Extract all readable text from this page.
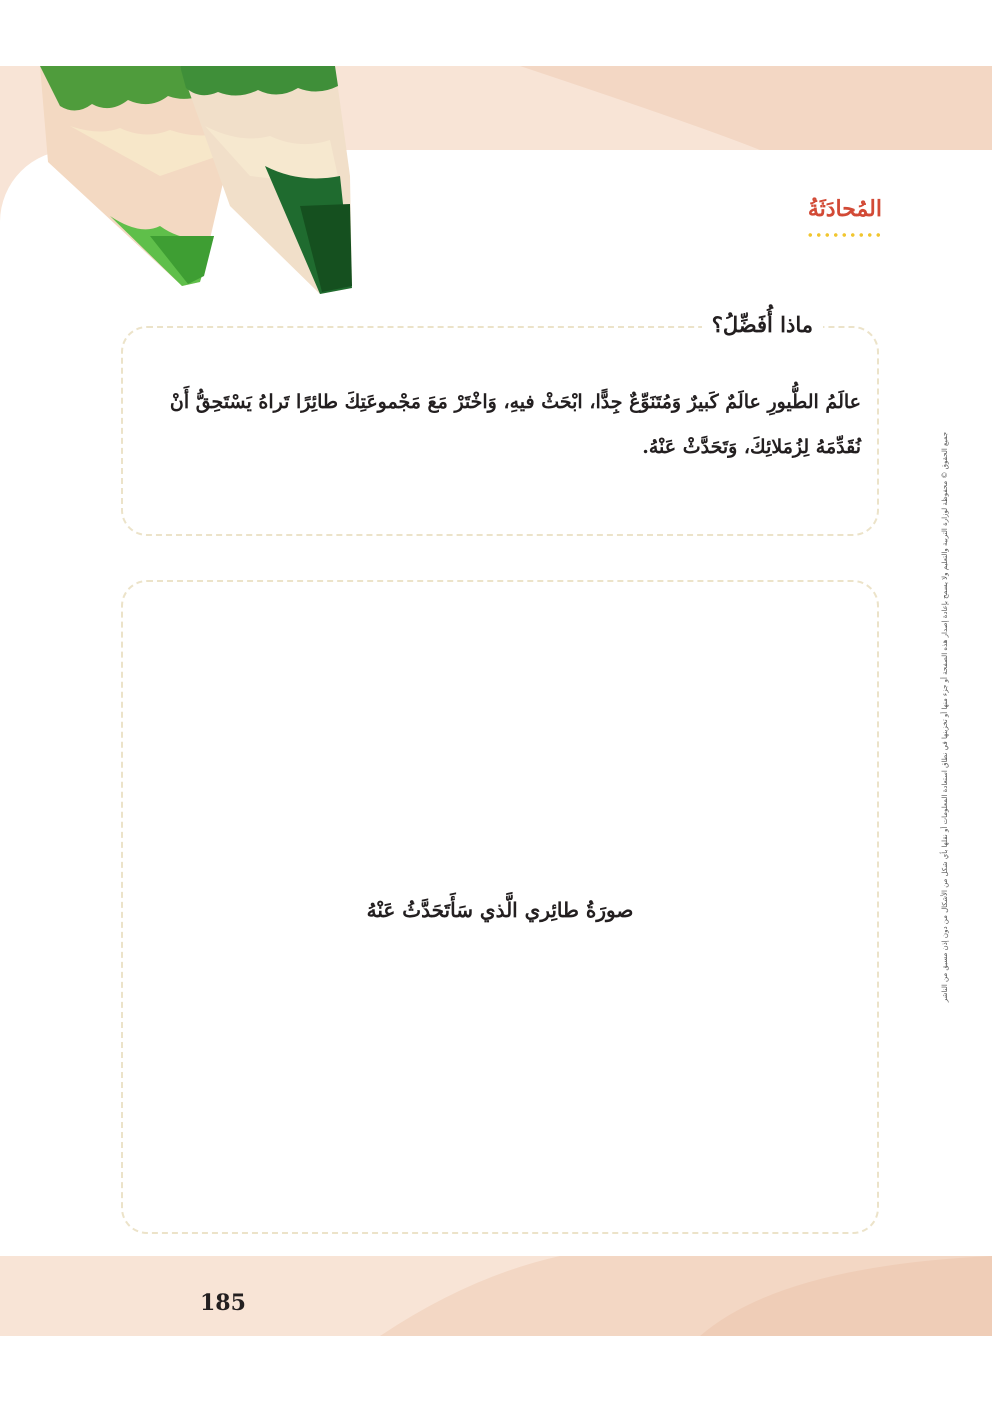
المُحادَثَةُ
ماذا أُفَضِّلُ؟
عالَمُ الطُّيورِ عالَمٌ كَبيرٌ وَمُتَنَوِّعٌ جِدًّا، ابْحَثْ فيهِ، وَاخْتَرْ مَعَ مَجْموعَتِكَ طائِرًا تَراهُ يَسْتَحِقُّ أَنْ
نُقَدِّمَهُ لِزُمَلائِكَ، وَتَحَدَّثْ عَنْهُ.
صورَةُ طائِري الَّذي سَأَتَحَدَّثُ عَنْهُ	جميع الحقوق © محفوظة لوزارة التربية والتعليم ولا يسمح بإعادة إصدار هذه الصفحة أو جزء منها أو تخزينها في نطاق استعادة المعلومات أو نقلها بأي شكل من الأشكال من دون إذن مسبق من الناشر
185
